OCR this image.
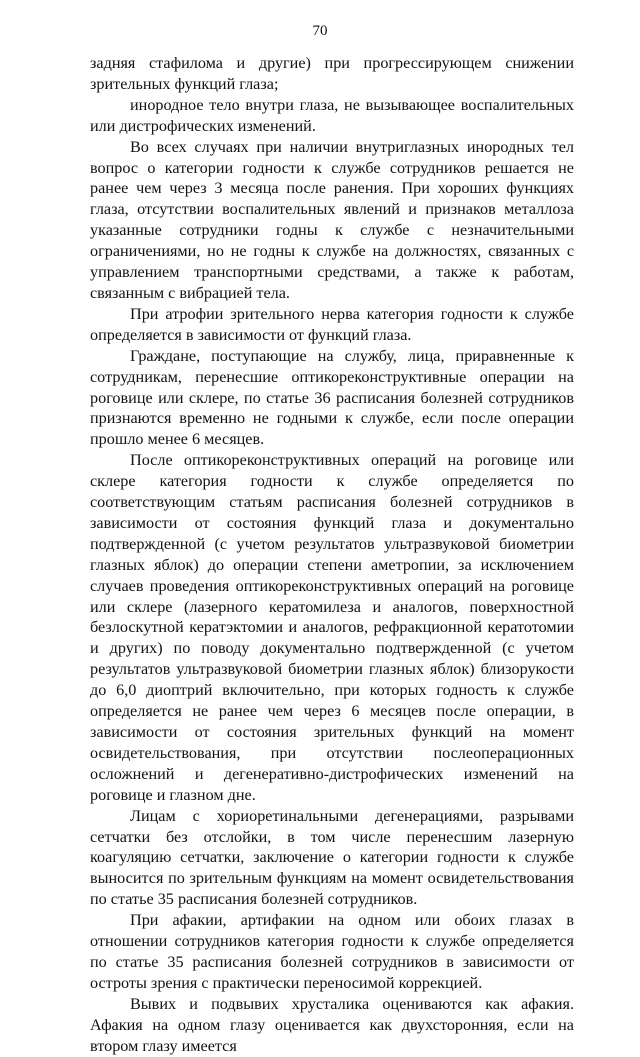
70

задняя стафилома и другие) при прогрессирующем снижении зрительных функций глаза;

инородное тело внутри глаза, не вызывающее воспалительных или дистрофических изменений.

Во всех случаях при наличии внутриглазных инородных тел вопрос о категории годности к службе сотрудников решается не ранее чем через 3 месяца после ранения. При хороших функциях глаза, отсутствии воспалительных явлений и признаков металлоза указанные сотрудники годны к службе с незначительными ограничениями, но не годны к службе на должностях, связанных с управлением транспортными средствами, а также к работам, связанным с вибрацией тела.

При атрофии зрительного нерва категория годности к службе определяется в зависимости от функций глаза.

Граждане, поступающие на службу, лица, приравненные к сотрудникам, перенесшие оптикореконструктивные операции на роговице или склере, по статье 36 расписания болезней сотрудников признаются временно не годными к службе, если после операции прошло менее 6 месяцев.

После оптикореконструктивных операций на роговице или склере категория годности к службе определяется по соответствующим статьям расписания болезней сотрудников в зависимости от состояния функций глаза и документально подтвержденной (с учетом результатов ультразвуковой биометрии глазных яблок) до операции степени аметропии, за исключением случаев проведения оптикореконструктивных операций на роговице или склере (лазерного кератомилеза и аналогов, поверхностной безлоскутной кератэктомии и аналогов, рефракционной кератотомии и других) по поводу документально подтвержденной (с учетом результатов ультразвуковой биометрии глазных яблок) близорукости до 6,0 диоптрий включительно, при которых годность к службе определяется не ранее чем через 6 месяцев после операции, в зависимости от состояния зрительных функций на момент освидетельствования, при отсутствии послеоперационных осложнений и дегенеративно-дистрофических изменений на роговице и глазном дне.

Лицам с хориоретинальными дегенерациями, разрывами сетчатки без отслойки, в том числе перенесшим лазерную коагуляцию сетчатки, заключение о категории годности к службе выносится по зрительным функциям на момент освидетельствования по статье 35 расписания болезней сотрудников.

При афакии, артифакии на одном или обоих глазах в отношении сотрудников категория годности к службе определяется по статье 35 расписания болезней сотрудников в зависимости от остроты зрения с практически переносимой коррекцией.

Вывих и подвывих хрусталика оцениваются как афакия. Афакия на одном глазу оценивается как двухсторонняя, если на втором глазу имеется
